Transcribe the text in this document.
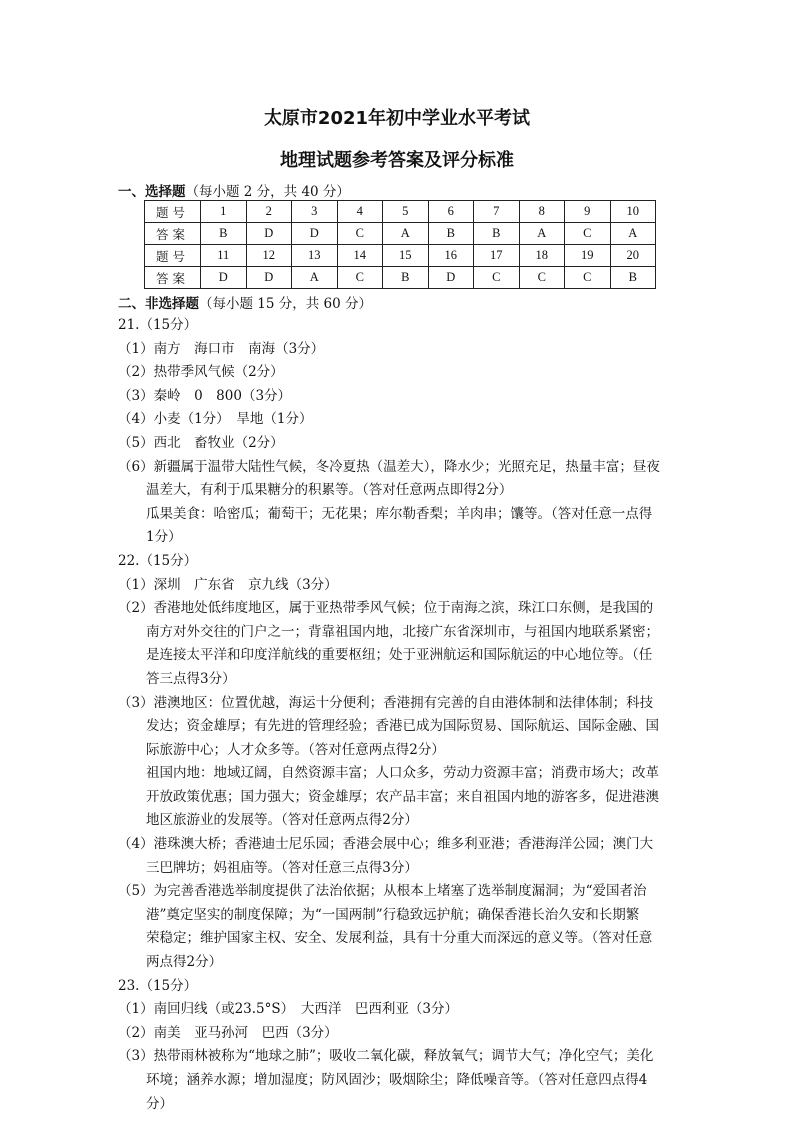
太原市2021年初中学业水平考试
地理试题参考答案及评分标准
一、选择题（每小题 2 分，共 40 分）
题号	1	2	3	4	5	6	7	8	9	10
答案	B	D	D	C	A	B	B	A	C	A
题号	11	12	13	14	15	16	17	18	19	20
答案	D	D	A	C	B	D	C	C	C	B
二、非选择题（每小题 15 分，共 60 分）
21.（15分）
（1）南方　海口市　南海（3分）
（2）热带季风气候（2分）
（3）秦岭　0　800（3分）
（4）小麦（1分）　旱地（1分）
（5）西北　畜牧业（2分）
（6）新疆属于温带大陆性气候，冬冷夏热（温差大），降水少；光照充足，热量丰富；昼夜
温差大，有利于瓜果糖分的积累等。（答对任意两点即得2分）
瓜果美食：哈密瓜；葡萄干；无花果；库尔勒香梨；羊肉串；馕等。（答对任意一点得
1分）
22.（15分）
（1）深圳　广东省　京九线（3分）
（2）香港地处低纬度地区，属于亚热带季风气候；位于南海之滨，珠江口东侧，是我国的
南方对外交往的门户之一；背靠祖国内地，北接广东省深圳市，与祖国内地联系紧密；
是连接太平洋和印度洋航线的重要枢纽；处于亚洲航运和国际航运的中心地位等。（任
答三点得3分）
（3）港澳地区：位置优越，海运十分便利；香港拥有完善的自由港体制和法律体制；科技
发达；资金雄厚；有先进的管理经验；香港已成为国际贸易、国际航运、国际金融、国
际旅游中心；人才众多等。（答对任意两点得2分）
祖国内地：地域辽阔，自然资源丰富；人口众多，劳动力资源丰富；消费市场大；改革
开放政策优惠；国力强大；资金雄厚；农产品丰富；来自祖国内地的游客多，促进港澳
地区旅游业的发展等。（答对任意两点得2分）
（4）港珠澳大桥；香港迪士尼乐园；香港会展中心；维多利亚港；香港海洋公园；澳门大
三巴牌坊；妈祖庙等。（答对任意三点得3分）
（5）为完善香港选举制度提供了法治依据；从根本上堵塞了选举制度漏洞；为“爱国者治
港”奠定坚实的制度保障；为“一国两制”行稳致远护航；确保香港长治久安和长期繁
荣稳定；维护国家主权、安全、发展利益，具有十分重大而深远的意义等。（答对任意
两点得2分）
23.（15分）
（1）南回归线（或23.5°S）　大西洋　巴西利亚（3分）
（2）南美　亚马孙河　巴西（3分）
（3）热带雨林被称为“地球之肺”；吸收二氧化碳，释放氧气；调节大气；净化空气；美化
环境；涵养水源；增加湿度；防风固沙；吸烟除尘；降低噪音等。（答对任意四点得4
分）
